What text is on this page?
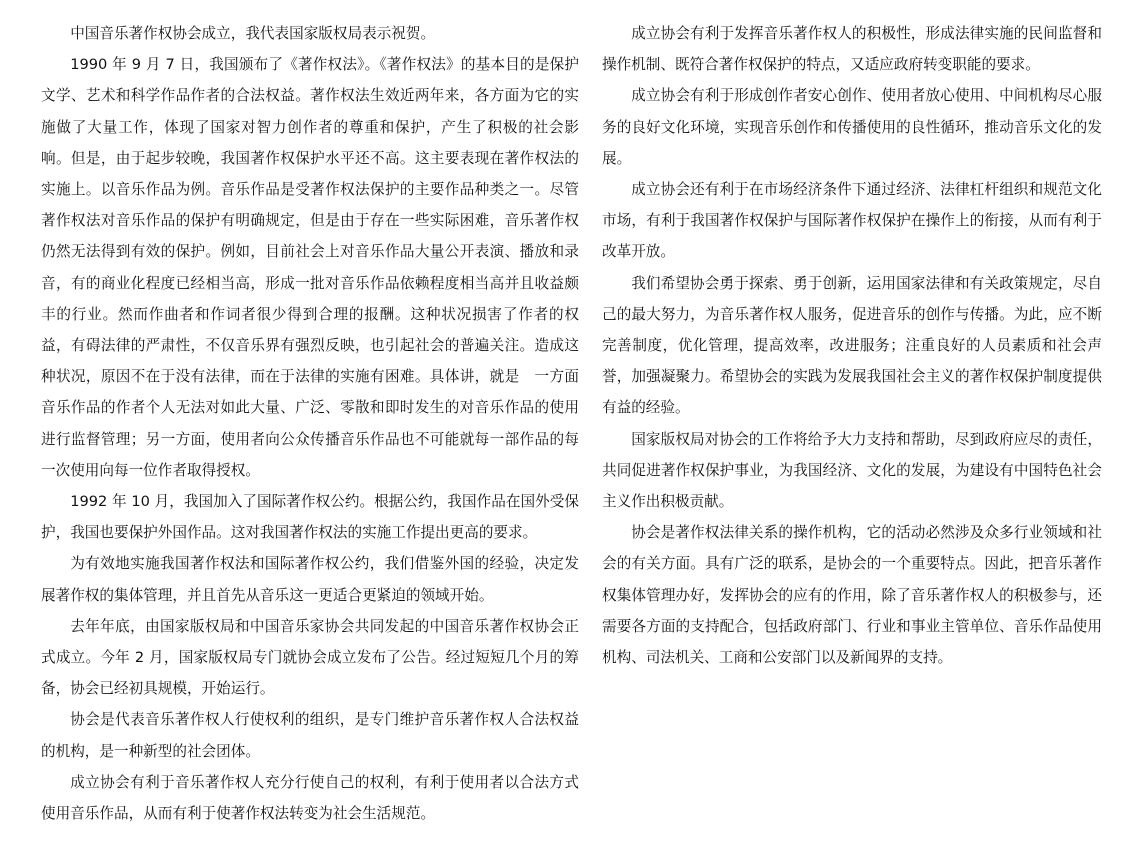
中国音乐著作权协会成立，我代表国家版权局表示祝贺。

1990 年 9 月 7 日，我国颁布了《著作权法》。《著作权法》的基本目的是保护文学、艺术和科学作品作者的合法权益。著作权法生效近两年来，各方面为它的实施做了大量工作，体现了国家对智力创作者的尊重和保护，产生了积极的社会影响。但是，由于起步较晚，我国著作权保护水平还不高。这主要表现在著作权法的实施上。以音乐作品为例。音乐作品是受著作权法保护的主要作品种类之一。尽管著作权法对音乐作品的保护有明确规定，但是由于存在一些实际困难，音乐著作权仍然无法得到有效的保护。例如，目前社会上对音乐作品大量公开表演、播放和录音，有的商业化程度已经相当高，形成一批对音乐作品依赖程度相当高并且收益颇丰的行业。然而作曲者和作词者很少得到合理的报酬。这种状况损害了作者的权益，有碍法律的严肃性，不仅音乐界有强烈反映，也引起社会的普遍关注。造成这种状况，原因不在于没有法律，而在于法律的实施有困难。具体讲，就是　一方面　音乐作品的作者个人无法对如此大量、广泛、零散和即时发生的对音乐作品的使用进行监督管理；另一方面，使用者向公众传播音乐作品也不可能就每一部作品的每一次使用向每一位作者取得授权。

1992 年 10 月，我国加入了国际著作权公约。根据公约，我国作品在国外受保护，我国也要保护外国作品。这对我国著作权法的实施工作提出更高的要求。

为有效地实施我国著作权法和国际著作权公约，我们借鉴外国的经验，决定发展著作权的集体管理，并且首先从音乐这一更适合更紧迫的领域开始。

去年年底，由国家版权局和中国音乐家协会共同发起的中国音乐著作权协会正式成立。今年 2 月，国家版权局专门就协会成立发布了公告。经过短短几个月的筹备，协会已经初具规模，开始运行。

协会是代表音乐著作权人行使权利的组织，是专门维护音乐著作权人合法权益的机构，是一种新型的社会团体。

成立协会有利于音乐著作权人充分行使自己的权利，有利于使用者以合法方式使用音乐作品，从而有利于使著作权法转变为社会生活规范。

成立协会有利于发挥音乐著作权人的积极性，形成法律实施的民间监督和操作机制、既符合著作权保护的特点，又适应政府转变职能的要求。

成立协会有利于形成创作者安心创作、使用者放心使用、中间机构尽心服务的良好文化环境，实现音乐创作和传播使用的良性循环，推动音乐文化的发展。

成立协会还有利于在市场经济条件下通过经济、法律杠杆组织和规范文化市场，有利于我国著作权保护与国际著作权保护在操作上的衔接，从而有利于改革开放。

我们希望协会勇于探索、勇于创新，运用国家法律和有关政策规定，尽自己的最大努力，为音乐著作权人服务，促进音乐的创作与传播。为此，应不断完善制度，优化管理，提高效率，改进服务；注重良好的人员素质和社会声誉，加强凝聚力。希望协会的实践为发展我国社会主义的著作权保护制度提供有益的经验。

国家版权局对协会的工作将给予大力支持和帮助，尽到政府应尽的责任，共同促进著作权保护事业，为我国经济、文化的发展，为建设有中国特色社会主义作出积极贡献。

协会是著作权法律关系的操作机构，它的活动必然涉及众多行业领域和社会的有关方面。具有广泛的联系，是协会的一个重要特点。因此，把音乐著作权集体管理办好，发挥协会的应有的作用，除了音乐著作权人的积极参与，还需要各方面的支持配合，包括政府部门、行业和事业主管单位、音乐作品使用机构、司法机关、工商和公安部门以及新闻界的支持。
